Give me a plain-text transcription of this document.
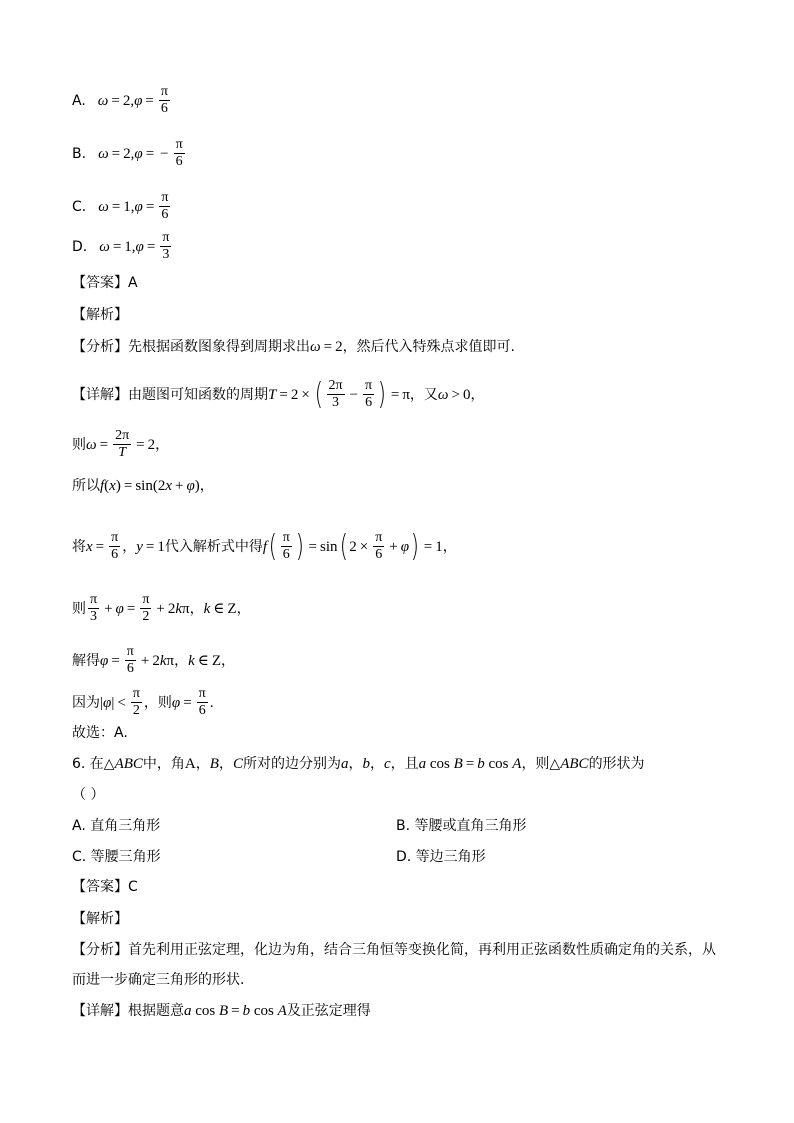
A. ω = 2 , $\varphi = \frac{\pi}{6}$
B. ω = 2 , φ = − $\frac{\pi}{6}$
C. ω = 1 , $\varphi = \frac{\pi}{6}$
D. ω = 1 , $\varphi = \frac{\pi}{3}$
【答案】 A
【解析】
【分析】 先根据函数图象得到周期求出 ω = 2 ，然后代入特殊点求值即可.
【详解】 由题图可知函数的周期 T = 2 × ( $\frac{2\pi}{3} - \frac{\pi}{6}$ ) = π ，又 ω > 0 ，
则 $\omega = \frac{2\pi}{T} = 2$ ，
所以 f ( x ) = sin (2 x + φ ) ，
将 $x = \frac{\pi}{6}$ ， y = 1 代入解析式中得 f ( $\frac{\pi}{6}$ ) = sin ( $2 \times \frac{\pi}{6} + \varphi$ ) = 1 ，
则 $\frac{\pi}{3} + \varphi = \frac{\pi}{2} + 2$ k π ， k ∈ Z ，
解得 $\varphi = \frac{\pi}{6} + 2$ k π ， k ∈ Z ，
因为 | φ | < $\frac{\pi}{2}$ ，则 $\varphi = \frac{\pi}{6}$ .
故选：A.
6. 在△ ABC 中，角 A ， B ， C 所对的边分别为 a ， b ， c ，且 a cos B = b cos A ，则△ ABC 的形状为
（ ）
A. 直角三角形	B. 等腰或直角三角形
C. 等腰三角形	D. 等边三角形
【答案】 C
【解析】
【分析】 首先利用正弦定理，化边为角，结合三角恒等变换化简，再利用正弦函数性质确定角的关系，从
而进一步确定三角形的形状.
【详解】 根据题意 a cos B = b cos A 及正弦定理得
